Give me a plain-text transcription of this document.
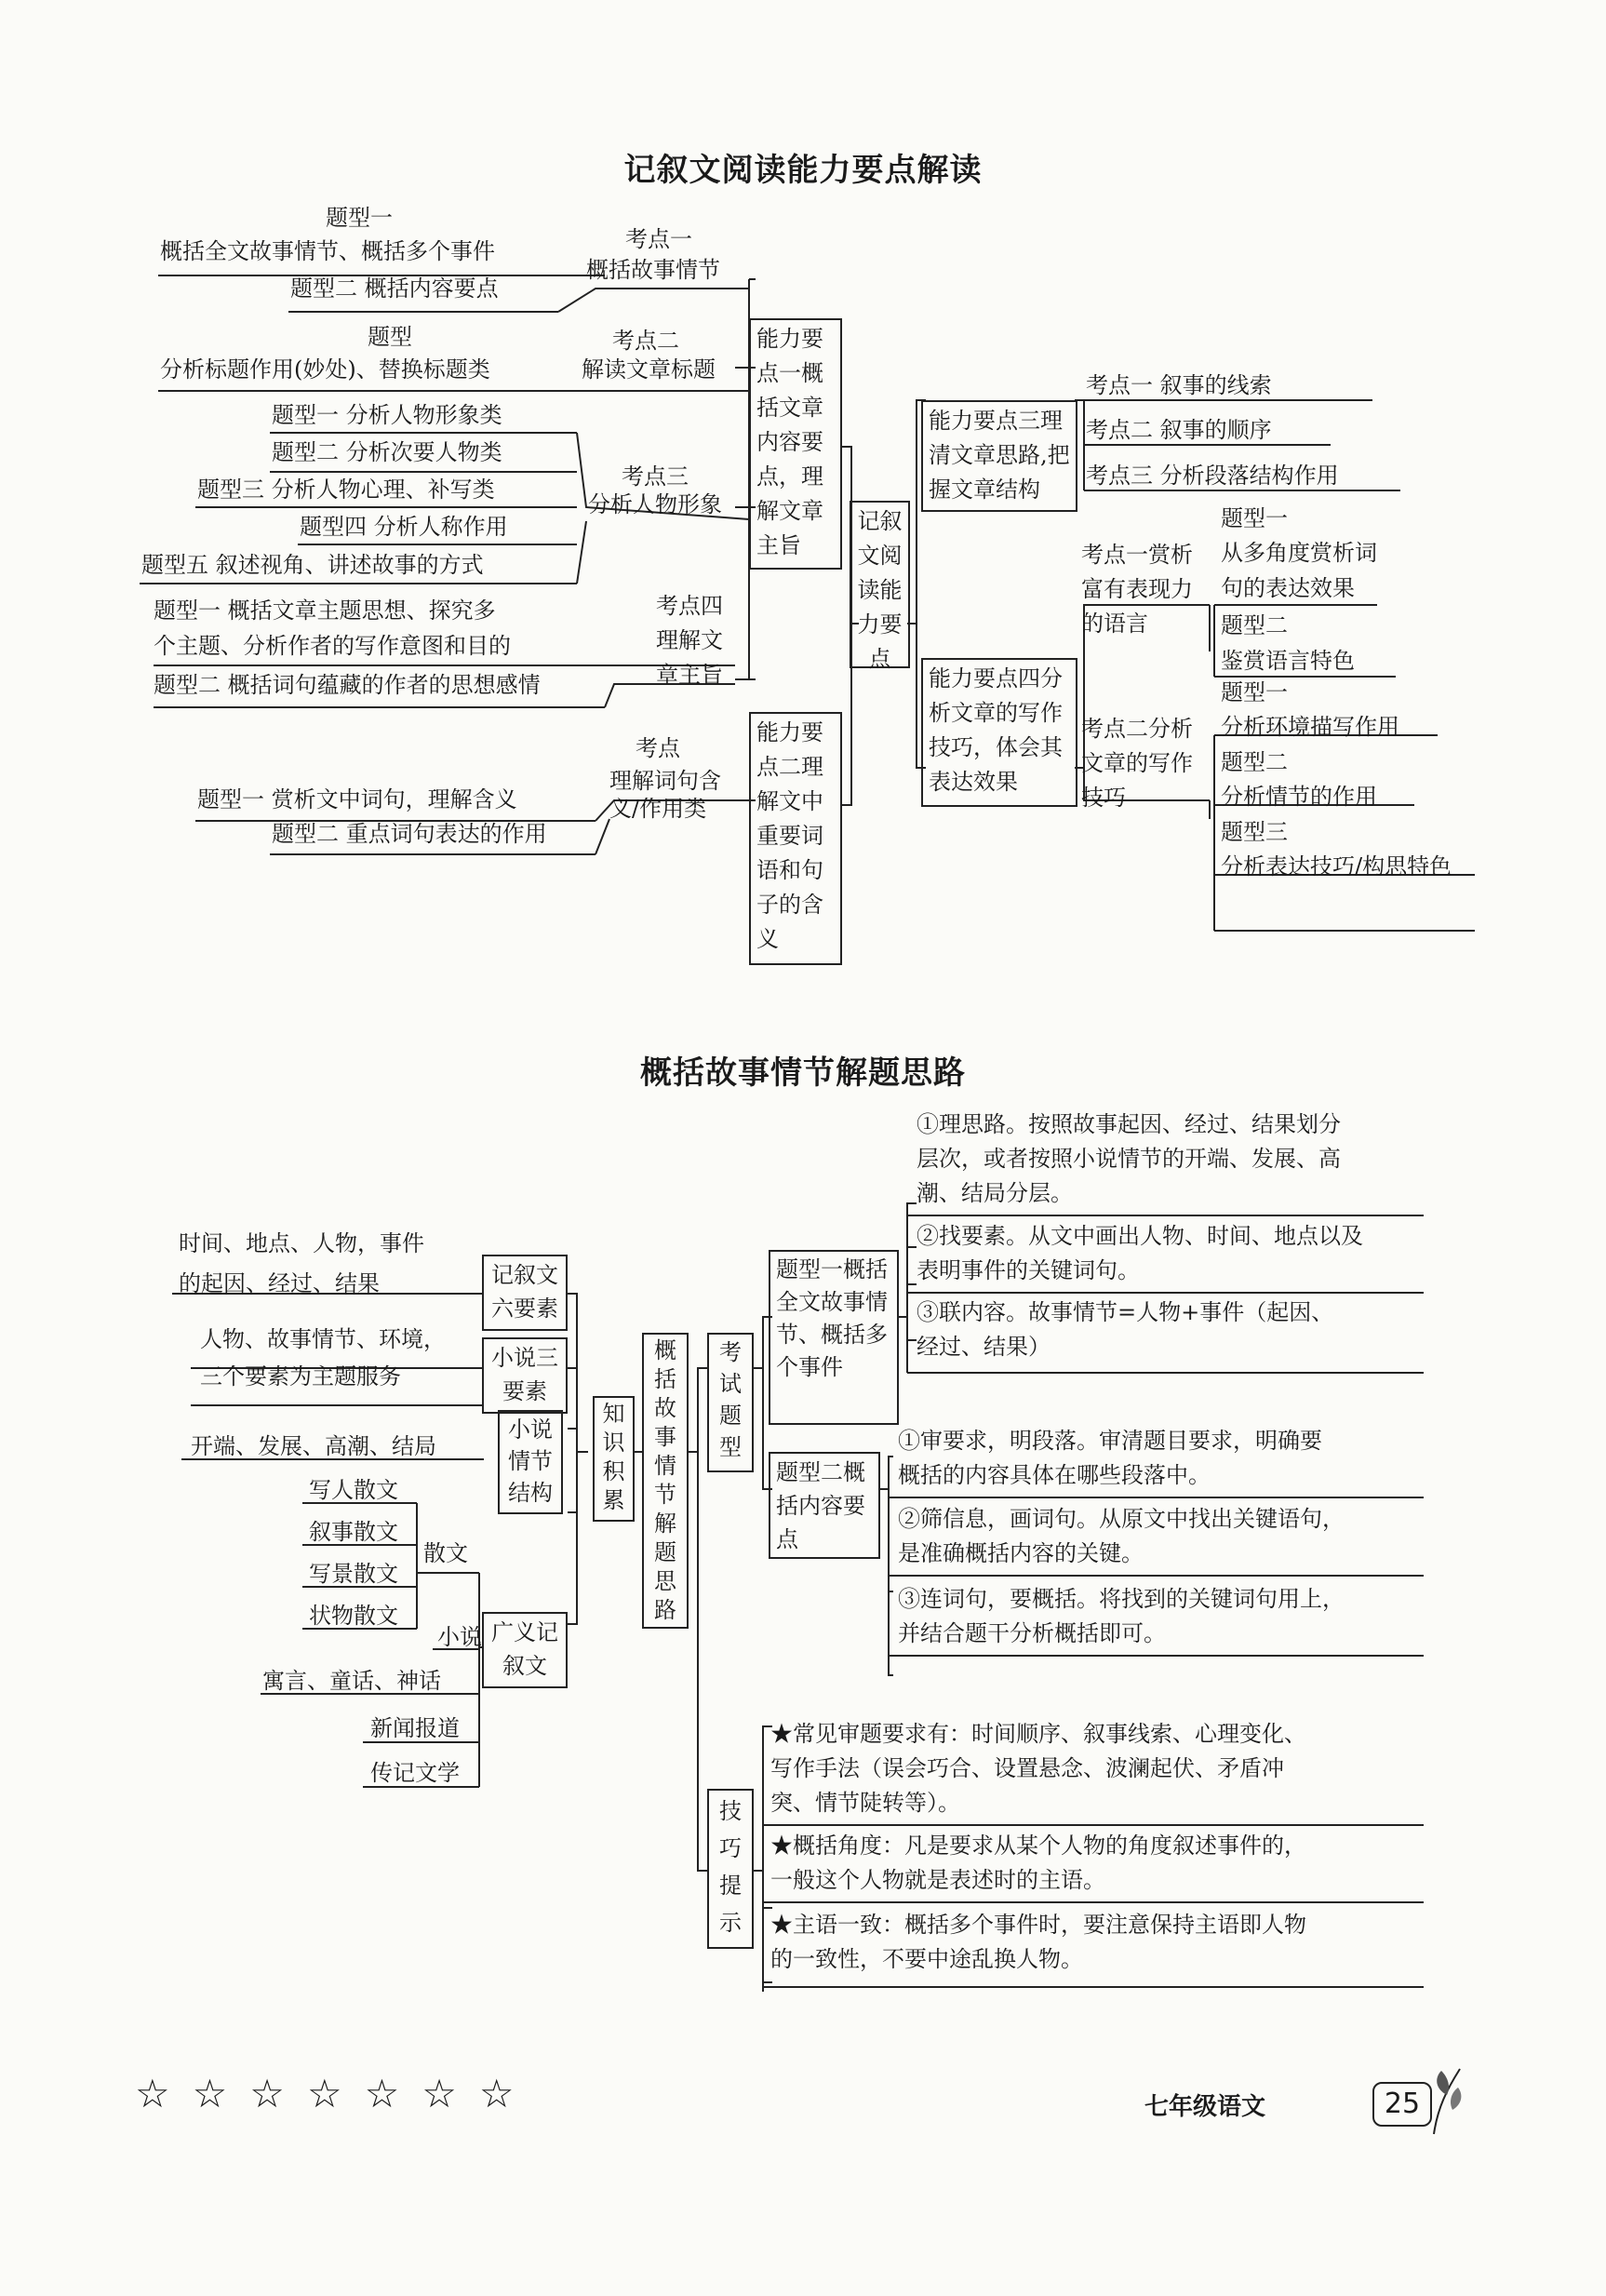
记叙文阅读能力要点解读
题型一
概括全文故事情节、概括多个事件
题型二 概括内容要点
考点一
概括故事情节
题型
分析标题作用(妙处)、替换标题类
考点二
解读文章标题
题型一 分析人物形象类
题型二 分析次要人物类
题型三 分析人物心理、补写类
题型四 分析人称作用
题型五 叙述视角、讲述故事的方式
考点三
分析人物形象
题型一 概括文章主题思想、探究多
个主题、分析作者的写作意图和目的
题型二 概括词句蕴藏的作者的思想感情
考点四理解文章主旨
题型一 赏析文中词句，理解含义
题型二 重点词句表达的作用
考点
理解词句含
义/作用类
能力要点一概括文章内容要点，理解文章主旨
能力要点二理解文中重要词语和句子的含义
记叙文阅读能力要点
能力要点三理清文章思路,把握文章结构
能力要点四分析文章的写作技巧，体会其表达效果
考点一 叙事的线索
考点二 叙事的顺序
考点三 分析段落结构作用
考点一赏析富有表现力的语言
题型一
从多角度赏析词
句的表达效果
题型二
鉴赏语言特色
考点二分析文章的写作技巧
题型一
分析环境描写作用
题型二
分析情节的作用
题型三
分析表达技巧/构思特色
概括故事情节解题思路
时间、地点、人物，事件
的起因、经过、结果	记叙文六要素
人物、故事情节、环境，
三个要素为主题服务
小说三要素
开端、发展、高潮、结局
小说情节结构
写人散文
叙事散文
写景散文
状物散文
散文
小说
寓言、童话、神话
新闻报道
传记文学
广义记叙文
知识积累
概括故事情节解题思路
考试题型
技巧提示
题型一概括全文故事情节、概括多个事件
题型二概括内容要点
①理思路。按照故事起因、经过、结果划分
层次，或者按照小说情节的开端、发展、高
潮、结局分层。
②找要素。从文中画出人物、时间、地点以及
表明事件的关键词句。
③联内容。故事情节=人物+事件（起因、
经过、结果）
①审要求，明段落。审清题目要求，明确要
概括的内容具体在哪些段落中。
②筛信息，画词句。从原文中找出关键语句，
是准确概括内容的关键。
③连词句，要概括。将找到的关键词句用上，
并结合题干分析概括即可。
★常见审题要求有：时间顺序、叙事线索、心理变化、
写作手法（误会巧合、设置悬念、波澜起伏、矛盾冲
突、情节陡转等）。
★概括角度：凡是要求从某个人物的角度叙述事件的，
一般这个人物就是表述时的主语。
★主语一致：概括多个事件时，要注意保持主语即人物
的一致性，不要中途乱换人物。
☆☆☆☆☆☆☆	七年级语文	25
